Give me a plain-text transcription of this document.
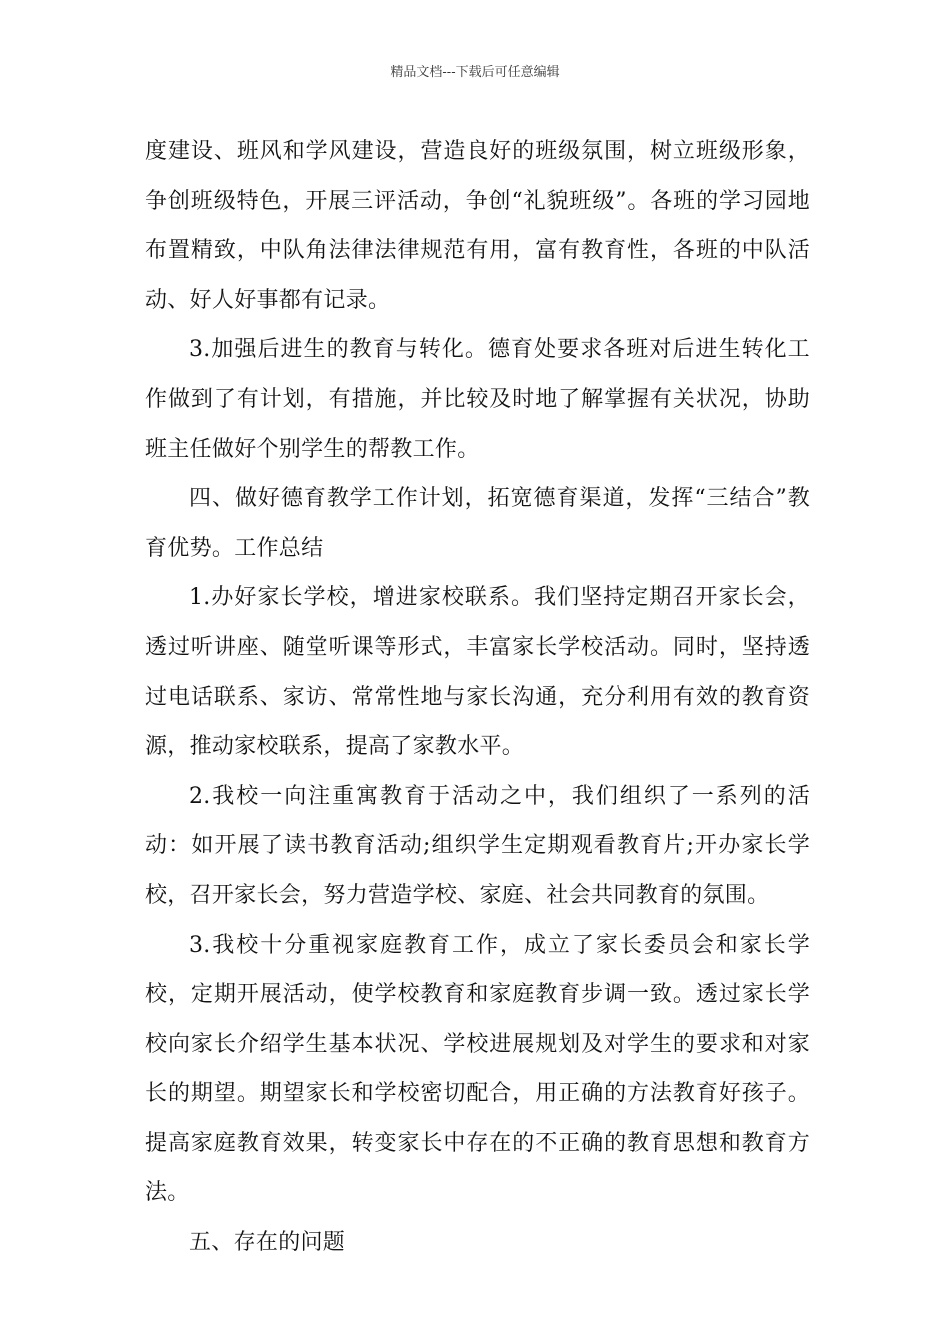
精品文档---下载后可任意编辑

度建设、班风和学风建设，营造良好的班级氛围，树立班级形象，争创班级特色，开展三评活动，争创“礼貌班级”。各班的学习园地布置精致，中队角法律法律规范有用，富有教育性，各班的中队活动、好人好事都有记录。

3.加强后进生的教育与转化。德育处要求各班对后进生转化工作做到了有计划，有措施，并比较及时地了解掌握有关状况，协助班主任做好个别学生的帮教工作。

四、做好德育教学工作计划，拓宽德育渠道，发挥“三结合”教育优势。工作总结

1.办好家长学校，增进家校联系。我们坚持定期召开家长会，透过听讲座、随堂听课等形式，丰富家长学校活动。同时，坚持透过电话联系、家访、常常性地与家长沟通，充分利用有效的教育资源，推动家校联系，提高了家教水平。

2.我校一向注重寓教育于活动之中，我们组织了一系列的活动：如开展了读书教育活动;组织学生定期观看教育片;开办家长学校，召开家长会，努力营造学校、家庭、社会共同教育的氛围。

3.我校十分重视家庭教育工作，成立了家长委员会和家长学校，定期开展活动，使学校教育和家庭教育步调一致。透过家长学校向家长介绍学生基本状况、学校进展规划及对学生的要求和对家长的期望。期望家长和学校密切配合，用正确的方法教育好孩子。提高家庭教育效果，转变家长中存在的不正确的教育思想和教育方法。

五、存在的问题
